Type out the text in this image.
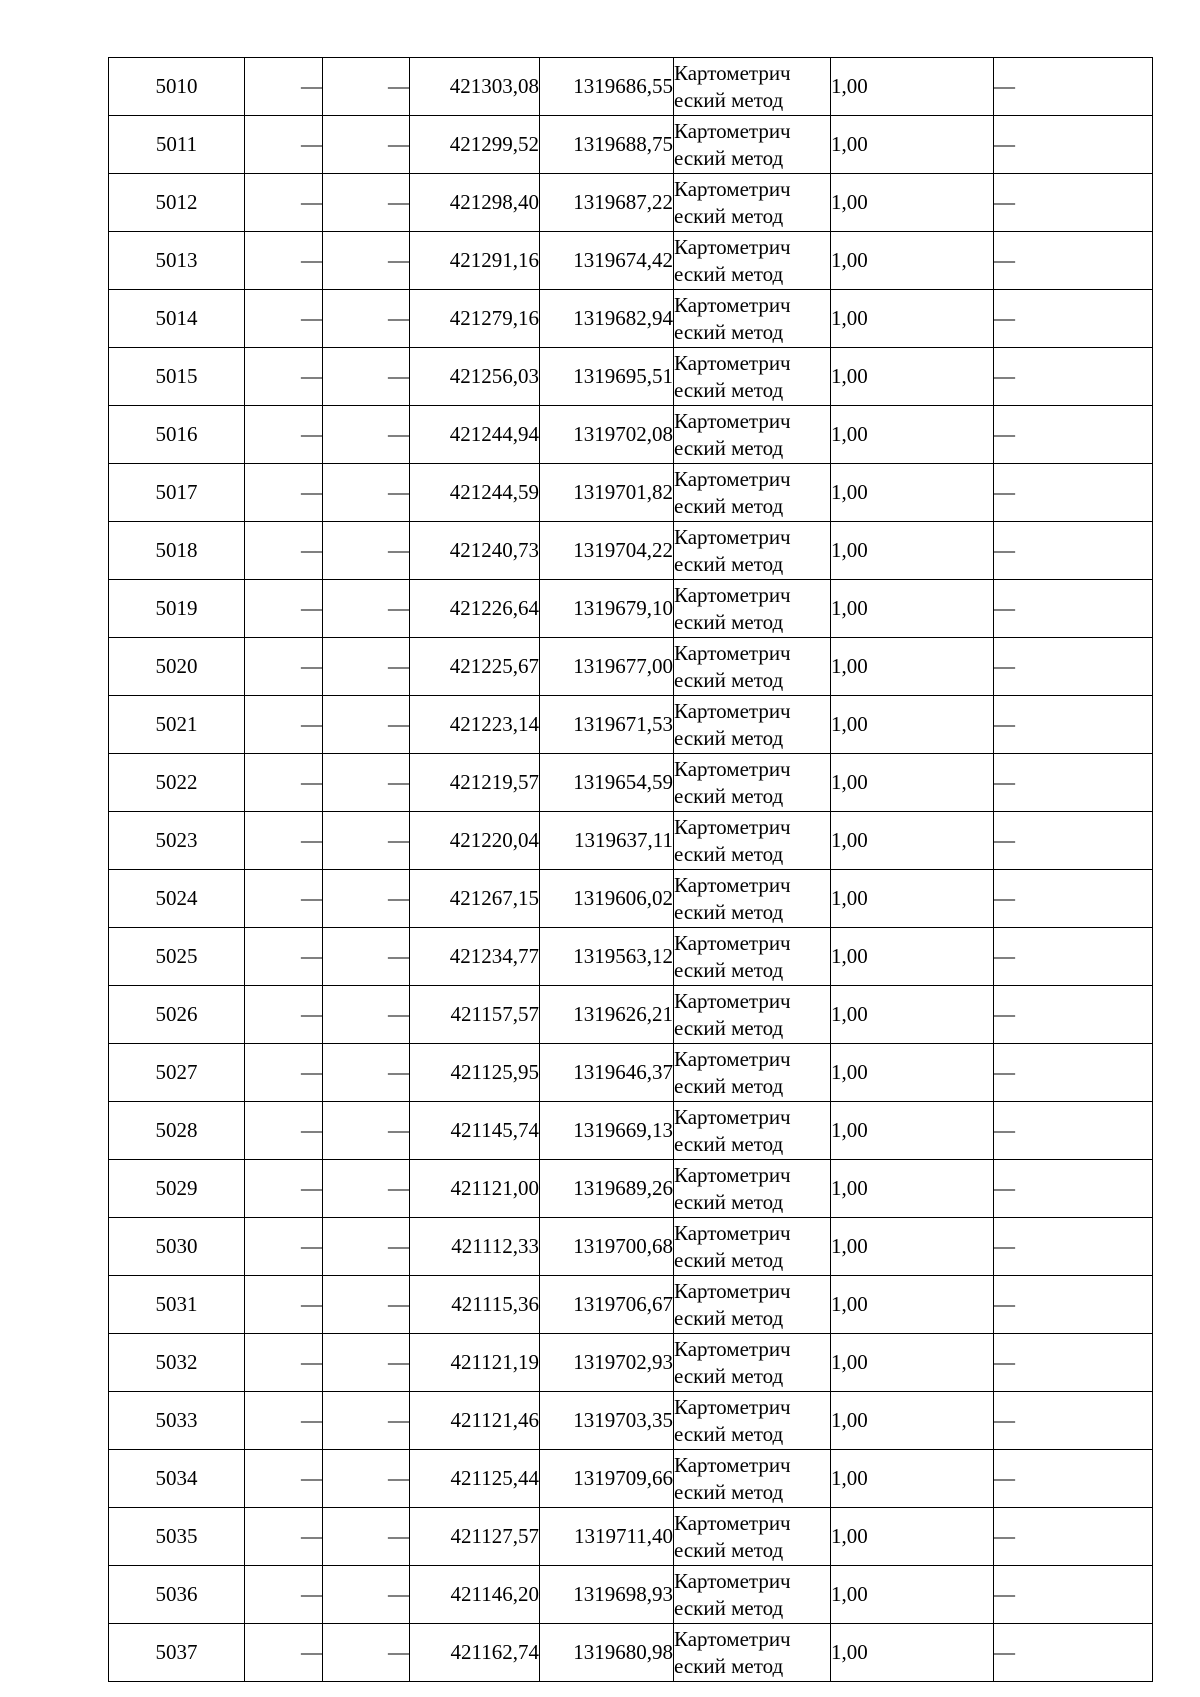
5010	—	—	421303,08	1319686,55	Картометрич
еский метод	1,00	—
5011	—	—	421299,52	1319688,75	Картометрич
еский метод	1,00	—
5012	—	—	421298,40	1319687,22	Картометрич
еский метод	1,00	—
5013	—	—	421291,16	1319674,42	Картометрич
еский метод	1,00	—
5014	—	—	421279,16	1319682,94	Картометрич
еский метод	1,00	—
5015	—	—	421256,03	1319695,51	Картометрич
еский метод	1,00	—
5016	—	—	421244,94	1319702,08	Картометрич
еский метод	1,00	—
5017	—	—	421244,59	1319701,82	Картометрич
еский метод	1,00	—
5018	—	—	421240,73	1319704,22	Картометрич
еский метод	1,00	—
5019	—	—	421226,64	1319679,10	Картометрич
еский метод	1,00	—
5020	—	—	421225,67	1319677,00	Картометрич
еский метод	1,00	—
5021	—	—	421223,14	1319671,53	Картометрич
еский метод	1,00	—
5022	—	—	421219,57	1319654,59	Картометрич
еский метод	1,00	—
5023	—	—	421220,04	1319637,11	Картометрич
еский метод	1,00	—
5024	—	—	421267,15	1319606,02	Картометрич
еский метод	1,00	—
5025	—	—	421234,77	1319563,12	Картометрич
еский метод	1,00	—
5026	—	—	421157,57	1319626,21	Картометрич
еский метод	1,00	—
5027	—	—	421125,95	1319646,37	Картометрич
еский метод	1,00	—
5028	—	—	421145,74	1319669,13	Картометрич
еский метод	1,00	—
5029	—	—	421121,00	1319689,26	Картометрич
еский метод	1,00	—
5030	—	—	421112,33	1319700,68	Картометрич
еский метод	1,00	—
5031	—	—	421115,36	1319706,67	Картометрич
еский метод	1,00	—
5032	—	—	421121,19	1319702,93	Картометрич
еский метод	1,00	—
5033	—	—	421121,46	1319703,35	Картометрич
еский метод	1,00	—
5034	—	—	421125,44	1319709,66	Картометрич
еский метод	1,00	—
5035	—	—	421127,57	1319711,40	Картометрич
еский метод	1,00	—
5036	—	—	421146,20	1319698,93	Картометрич
еский метод	1,00	—
5037	—	—	421162,74	1319680,98	Картометрич
еский метод	1,00	—
